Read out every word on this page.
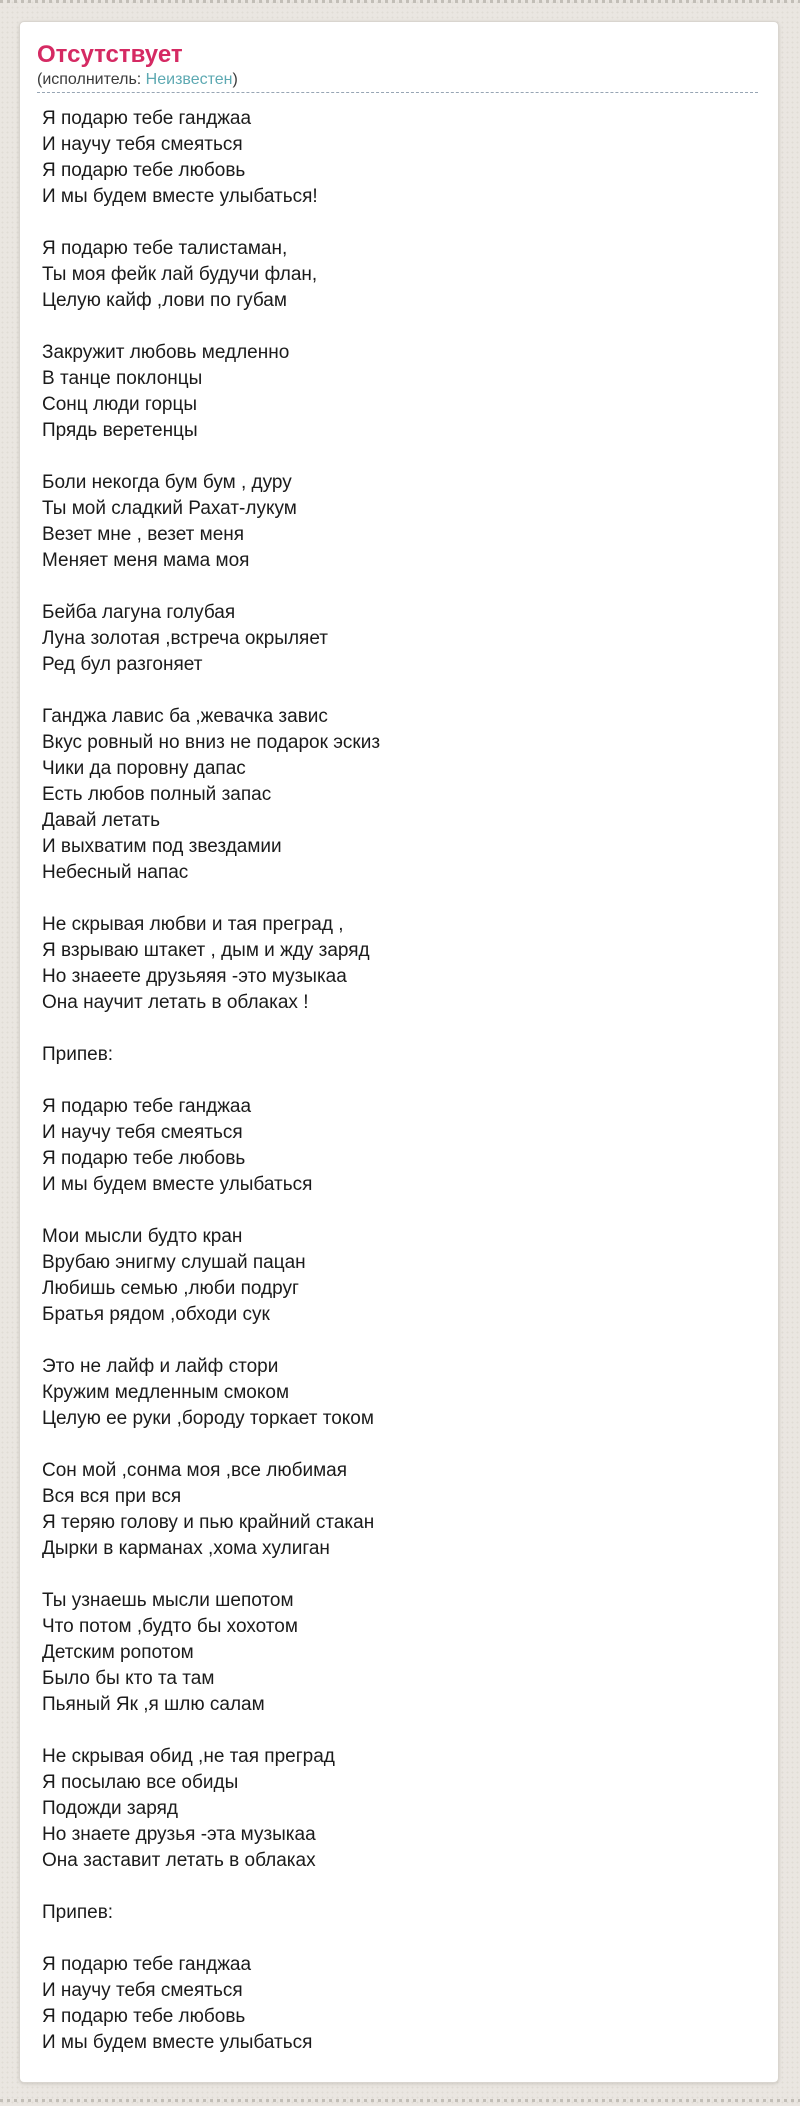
Отсутствует
(исполнитель: Неизвестен)

Я подарю тебе ганджаа
И научу тебя смеяться
Я подарю тебе любовь
И мы будем вместе улыбаться!

Я подарю тебе талистаман,
Ты моя фейк лай будучи флан,
Целую кайф ,лови по губам

Закружит любовь медленно
В танце поклонцы
Сонц люди горцы
Прядь веретенцы

Боли некогда бум бум , дуру
Ты мой сладкий Рахат-лукум
Везет мне , везет меня
Меняет меня мама моя

Бейба лагуна голубая
Луна золотая ,встреча окрыляет
Ред бул разгоняет

Ганджа лавис ба ,жевачка завис
Вкус ровный но вниз не подарок эскиз
Чики да поровну дапас
Есть любов полный запас
Давай летать
И выхватим под звездамии
Небесный напас

Не скрывая любви и тая преград ,
Я взрываю штакет , дым и жду заряд
Но знаеете друзьяяя -это музыкаа
Она научит летать в облаках !

Припев:

Я подарю тебе ганджаа
И научу тебя смеяться
Я подарю тебе любовь
И мы будем вместе улыбаться

Мои мысли будто кран
Врубаю энигму слушай пацан
Любишь семью ,люби подруг
Братья рядом ,обходи сук

Это не лайф и лайф стори
Кружим медленным смоком
Целую ее руки ,бороду торкает током

Сон мой ,сонма моя ,все любимая
Вся вся при вся
Я теряю голову и пью крайний стакан
Дырки в карманах ,хома хулиган

Ты узнаешь мысли шепотом
Что потом ,будто бы хохотом
Детским ропотом
Было бы кто та там
Пьяный Як ,я шлю салам

Не скрывая обид ,не тая преград
Я посылаю все обиды
Подожди заряд
Но знаете друзья -эта музыкаа
Она заставит летать в облаках

Припев:

Я подарю тебе ганджаа
И научу тебя смеяться
Я подарю тебе любовь
И мы будем вместе улыбаться
